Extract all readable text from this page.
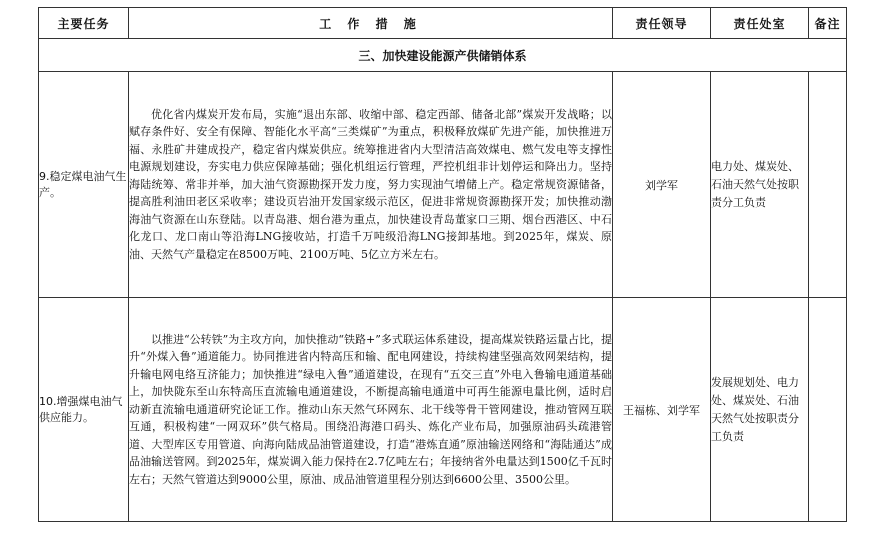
主要任务	工 作 措 施	责任领导	责任处室	备注
三、加快建设能源产供储销体系				
9.稳定煤电油气生产。	优化省内煤炭开发布局，实施“退出东部、收缩中部、稳定西部、储备北部”煤炭开发战略；以赋存条件好、安全有保障、智能化水平高“三类煤矿”为重点，积极释放煤矿先进产能，加快推进万福、永胜矿井建成投产，稳定省内煤炭供应。统筹推进省内大型清洁高效煤电、燃气发电等支撑性电源规划建设，夯实电力供应保障基础；强化机组运行管理，严控机组非计划停运和降出力。坚持海陆统筹、常非并举，加大油气资源勘探开发力度，努力实现油气增储上产。稳定常规资源储备，提高胜利油田老区采收率；建设页岩油开发国家级示范区，促进非常规资源勘探开发；加快推动渤海油气资源在山东登陆。以青岛港、烟台港为重点，加快建设青岛董家口三期、烟台西港区、中石化龙口、龙口南山等沿海LNG接收站，打造千万吨级沿海LNG接卸基地。到2025年，煤炭、原油、天然气产量稳定在8500万吨、2100万吨、5亿立方米左右。	刘学军	电力处、煤炭处、石油天然气处按职责分工负责	
10.增强煤电油气供应能力。	以推进“公转铁”为主攻方向，加快推动“铁路+”多式联运体系建设，提高煤炭铁路运量占比，提升“外煤入鲁”通道能力。协同推进省内特高压和输、配电网建设，持续构建坚强高效网架结构，提升输电网电络互济能力；加快推进“绿电入鲁”通道建设，在现有“五交三直”外电入鲁输电通道基础上，加快陇东至山东特高压直流输电通道建设，不断提高输电通道中可再生能源电量比例，适时启动新直流输电通道研究论证工作。推动山东天然气环网东、北干线等骨干管网建设，推动管网互联互通，积极构建“一网双环”供气格局。围绕沿海港口码头、炼化产业布局，加强原油码头疏港管道、大型库区专用管道、向海向陆成品油管道建设，打造“港炼直通”原油输送网络和“海陆通达”成品油输送管网。到2025年，煤炭调入能力保持在2.7亿吨左右；年接纳省外电量达到1500亿千瓦时左右；天然气管道达到9000公里，原油、成品油管道里程分别达到6600公里、3500公里。	王福栋、刘学军	发展规划处、电力处、煤炭处、石油天然气处按职责分工负责	
